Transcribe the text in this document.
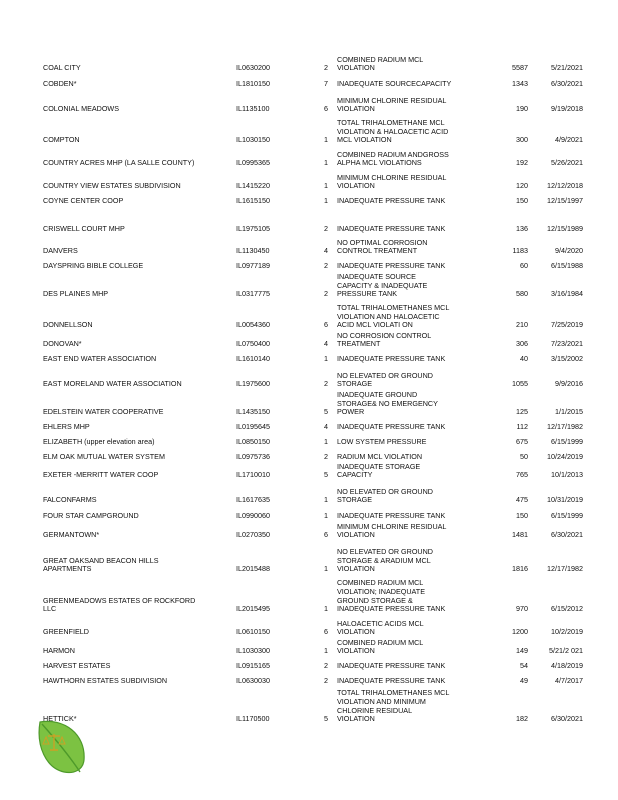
COAL CITY	IL0630200	2
COMBINED RADIUM MCL
VIOLATION	5587	5/21/2021
COBDEN*	IL1810150	7 INADEQUATE SOURCECAPACITY	1343	6/30/2021
COLONIAL MEADOWS	IL1135100	6
MINIMUM CHLORINE RESIDUAL
VIOLATION	190	9/19/2018
COMPTON	IL1030150	1
TOTAL TRIHALOMETHANE MCL
VIOLATION & HALOACETIC ACID
MCL VIOLATION	300	4/9/2021
COUNTRY ACRES MHP (LA SALLE COUNTY)	IL0995365	1
COMBINED RADIUM ANDGROSS
ALPHA MCL VIOLATIONS	192	5/26/2021
COUNTRY VIEW ESTATES SUBDIVISION	IL1415220	1
MINIMUM CHLORINE RESIDUAL
VIOLATION	120	12/12/2018
COYNE CENTER COOP	IL1615150	1 INADEQUATE PRESSURE TANK	150	12/15/1997
CRISWELL COURT MHP	IL1975105	2 INADEQUATE PRESSURE TANK	136	12/15/1989
DANVERS	IL1130450	4
NO OPTIMAL CORROSION
CONTROL TREATMENT	1183	9/4/2020
DAYSPRING BIBLE COLLEGE	IL0977189	2 INADEQUATE PRESSURE TANK	60	6/15/1988
DES PLAINES MHP	IL0317775	2
INADEQUATE SOURCE
CAPACITY & INADEQUATE
PRESSURE TANK	580	3/16/1984
DONNELLSON	IL0054360	6
TOTAL TRIHALOMETHANES MCL
VIOLATION AND HALOACETIC
ACID MCL VIOLATI ON	210	7/25/2019
DONOVAN*	IL0750400	4
NO CORROSION CONTROL
TREATMENT	306	7/23/2021
EAST END WATER ASSOCIATION	IL1610140	1 INADEQUATE PRESSURE TANK	40	3/15/2002
EAST MORELAND WATER ASSOCIATION	IL1975600	2
NO ELEVATED OR GROUND
STORAGE	1055	9/9/2016
EDELSTEIN WATER COOPERATIVE	IL1435150	5
INADEQUATE GROUND
STORAGE& NO EMERGENCY
POWER	125	1/1/2015
EHLERS MHP	IL0195645	4 INADEQUATE PRESSURE TANK	112	12/17/1982
ELIZABETH (upper elevation area)	IL0850150	1 LOW SYSTEM PRESSURE	675	6/15/1999
ELM OAK MUTUAL WATER SYSTEM	IL0975736	2 RADIUM MCL VIOLATION	50	10/24/2019
EXETER -MERRITT WATER COOP	IL1710010	5
INADEQUATE STORAGE
CAPACITY	765	10/1/2013
FALCONFARMS	IL1617635	1
NO ELEVATED OR GROUND
STORAGE	475	10/31/2019
FOUR STAR CAMPGROUND	IL0990060	1 INADEQUATE PRESSURE TANK	150	6/15/1999
GERMANTOWN*	IL0270350	6
MINIMUM CHLORINE RESIDUAL
VIOLATION	1481	6/30/2021
GREAT OAKSAND BEACON HILLS
APARTMENTS	IL2015488	1
NO ELEVATED OR GROUND
STORAGE & ARADIUM MCL
VIOLATION	1816	12/17/1982
GREENMEADOWS ESTATES OF ROCKFORD
LLC	IL2015495	1
COMBINED RADIUM MCL
VIOLATION; INADEQUATE
GROUND STORAGE &
INADEQUATE PRESSURE TANK	970	6/15/2012
GREENFIELD	IL0610150	6
HALOACETIC ACIDS MCL
VIOLATION	1200	10/2/2019
HARMON	IL1030300	1
COMBINED RADIUM MCL
VIOLATION	149	5/21/2 021
HARVEST ESTATES	IL0915165	2 INADEQUATE PRESSURE TANK	54	4/18/2019
HAWTHORN ESTATES SUBDIVISION	IL0630030	2 INADEQUATE PRESSURE TANK	49	4/7/2017
HETTICK*	IL1170500	5
TOTAL TRIHALOMETHANES MCL
VIOLATION AND MINIMUM
CHLORINE RESIDUAL
VIOLATION	182	6/30/2021
